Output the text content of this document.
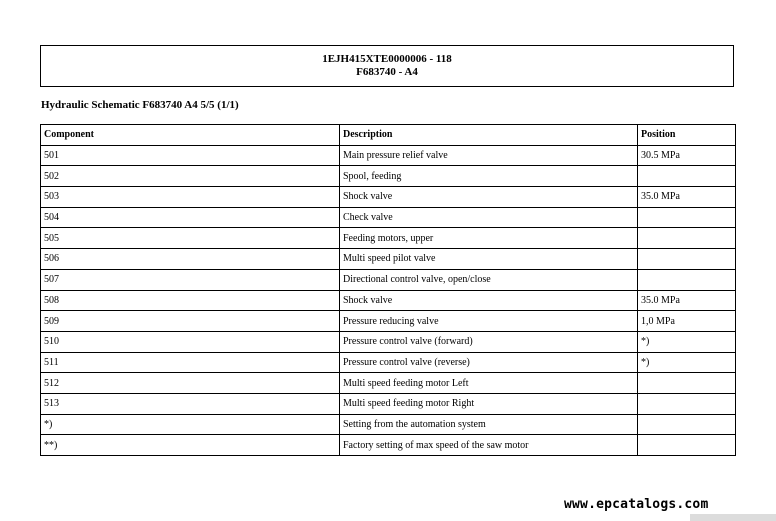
1EJH415XTE0000006 - 118
F683740 - A4
Hydraulic Schematic F683740 A4 5/5 (1/1)
Component	Description	Position
501	Main pressure relief valve	30.5 MPa
502	Spool, feeding	
503	Shock valve	35.0 MPa
504	Check valve	
505	Feeding motors, upper	
506	Multi speed pilot valve	
507	Directional control valve, open/close	
508	Shock valve	35.0 MPa
509	Pressure reducing valve	1,0 MPa
510	Pressure control valve (forward)	*)
511	Pressure control valve (reverse)	*)
512	Multi speed feeding motor Left	
513	Multi speed feeding motor Right	
*)	Setting from the automation system	
**)	Factory setting of max speed of the saw motor	
www.epcatalogs.com
